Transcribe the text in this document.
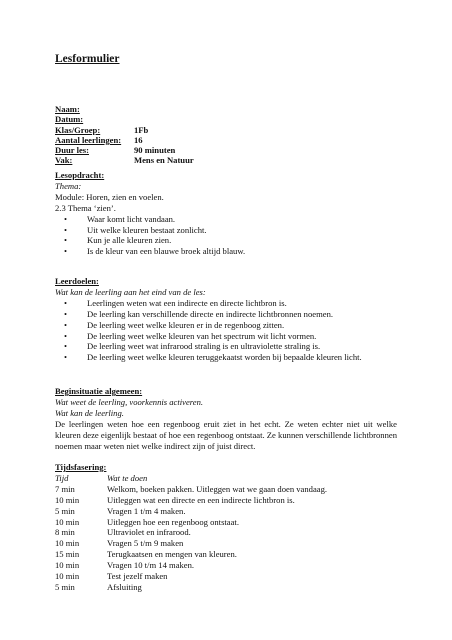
Lesformulier
Naam:
Datum:
Klas/Groep:	1Fb
Aantal leerlingen:	16
Duur les:	90 minuten
Vak:	Mens en Natuur
Lesopdracht:
Thema:
Module: Horen, zien en voelen.
2.3 Thema ‘zien’.
• Waar komt licht vandaan.
• Uit welke kleuren bestaat zonlicht.
• Kun je alle kleuren zien.
• Is de kleur van een blauwe broek altijd blauw.
Leerdoelen:
Wat kan de leerling aan het eind van de les:
• Leerlingen weten wat een indirecte en directe lichtbron is.
• De leerling kan verschillende directe en indirecte lichtbronnen noemen.
• De leerling weet welke kleuren er in de regenboog zitten.
• De leerling weet welke kleuren van het spectrum wit licht vormen.
• De leerling weet wat infrarood straling is en ultraviolette straling is.
• De leerling weet welke kleuren teruggekaatst worden bij bepaalde kleuren licht.
Beginsituatie algemeen:
Wat weet de leerling, voorkennis activeren.
Wat kan de leerling.
De leerlingen weten hoe een regenboog eruit ziet in het echt. Ze weten echter niet uit welke kleuren deze eigenlijk bestaat of hoe een regenboog ontstaat. Ze kunnen verschillende lichtbronnen noemen maar weten niet welke indirect zijn of juist direct.
Tijdsfasering:
Tijd	Wat te doen
7 min	Welkom, boeken pakken. Uitleggen wat we gaan doen vandaag.
10 min	Uitleggen wat een directe en een indirecte lichtbron is.
5 min	Vragen 1 t/m 4 maken.
10 min	Uitleggen hoe een regenboog ontstaat.
8 min	Ultraviolet en infrarood.
10 min	Vragen 5 t/m 9 maken
15 min	Terugkaatsen en mengen van kleuren.
10 min	Vragen 10 t/m 14 maken.
10 min	Test jezelf maken
5 min	Afsluiting
